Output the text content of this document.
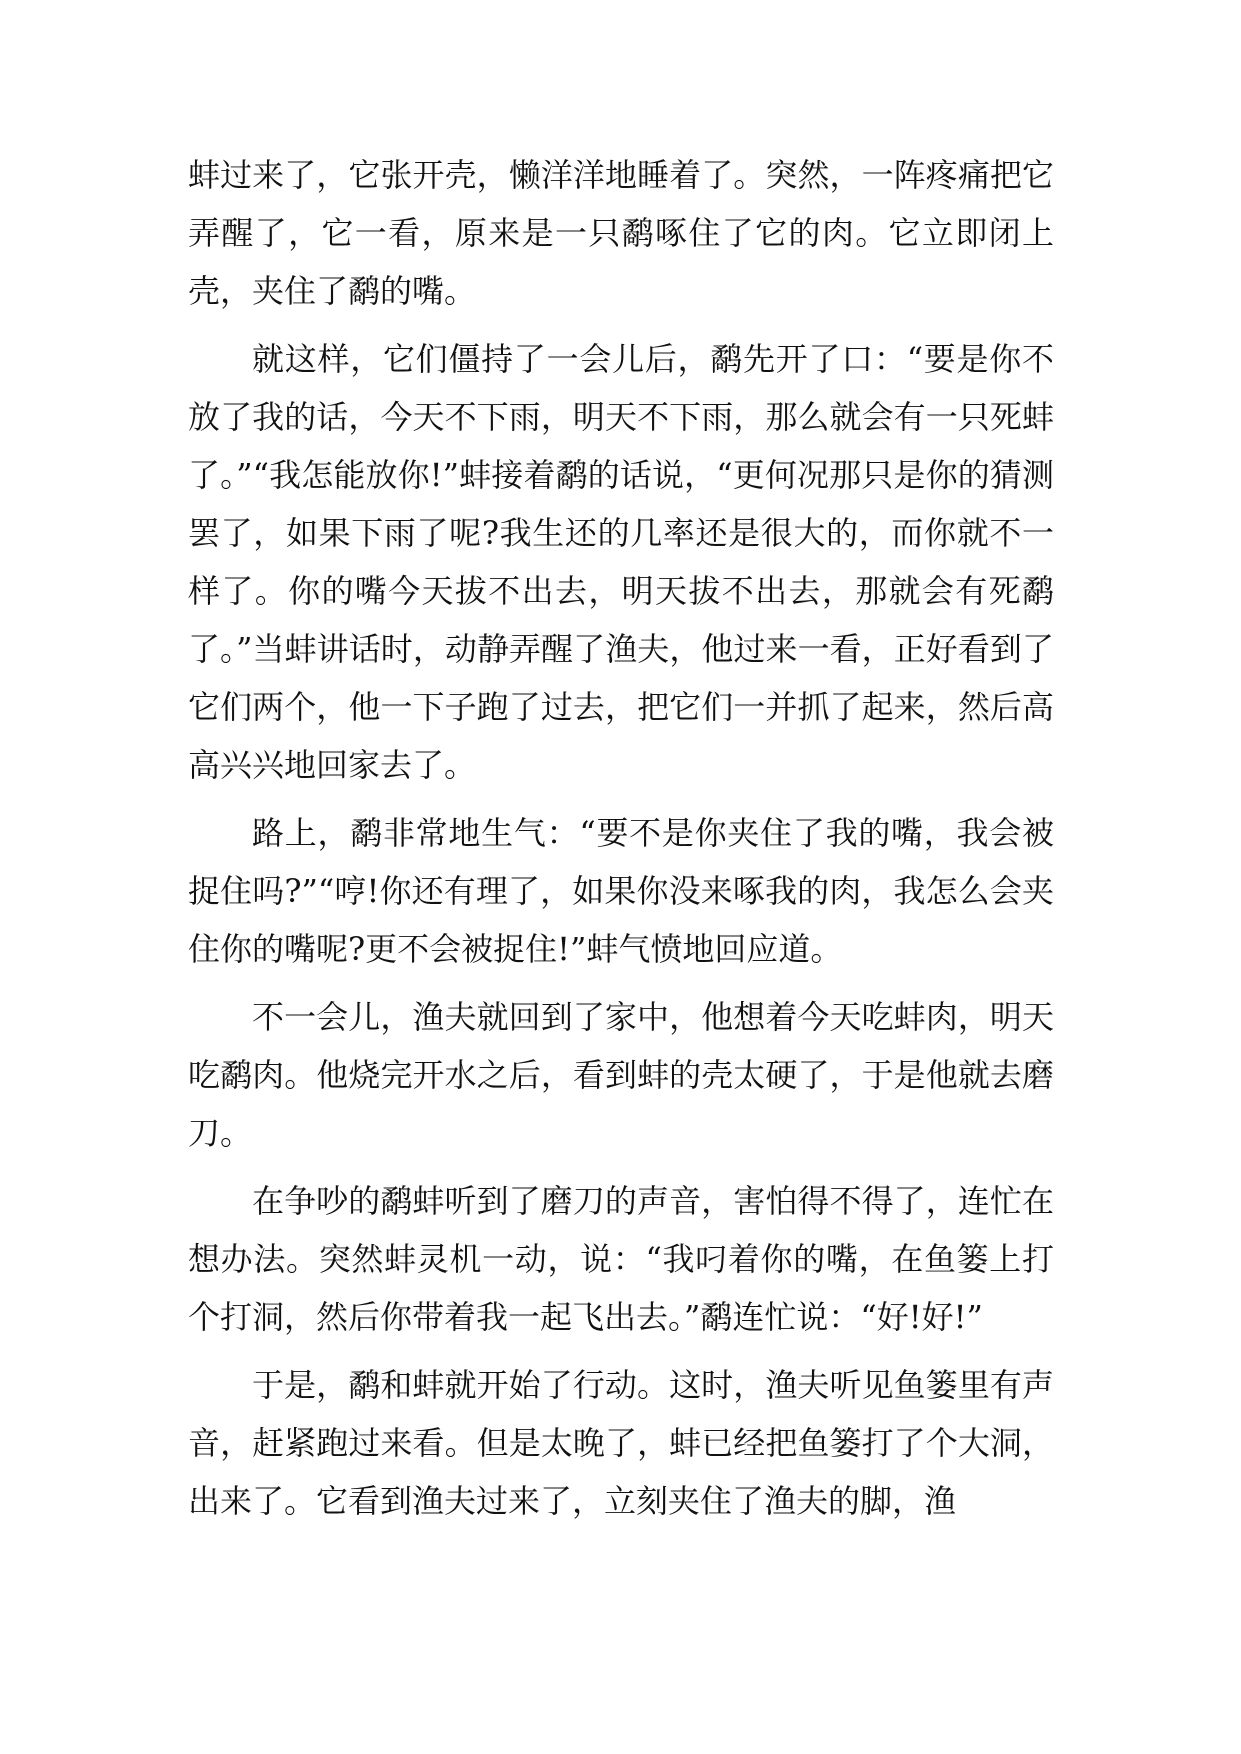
蚌过来了，它张开壳，懒洋洋地睡着了。突然，一阵疼痛把它弄醒了，它一看，原来是一只鹬啄住了它的肉。它立即闭上壳，夹住了鹬的嘴。

就这样，它们僵持了一会儿后，鹬先开了口：“要是你不放了我的话，今天不下雨，明天不下雨，那么就会有一只死蚌了。”“我怎能放你!”蚌接着鹬的话说，“更何况那只是你的猜测罢了，如果下雨了呢?我生还的几率还是很大的，而你就不一样了。你的嘴今天拔不出去，明天拔不出去，那就会有死鹬了。”当蚌讲话时，动静弄醒了渔夫，他过来一看，正好看到了它们两个，他一下子跑了过去，把它们一并抓了起来，然后高高兴兴地回家去了。

路上，鹬非常地生气：“要不是你夹住了我的嘴，我会被捉住吗?”“哼!你还有理了，如果你没来啄我的肉，我怎么会夹住你的嘴呢?更不会被捉住!”蚌气愤地回应道。

不一会儿，渔夫就回到了家中，他想着今天吃蚌肉，明天吃鹬肉。他烧完开水之后，看到蚌的壳太硬了，于是他就去磨刀。

在争吵的鹬蚌听到了磨刀的声音，害怕得不得了，连忙在想办法。突然蚌灵机一动，说：“我叼着你的嘴，在鱼篓上打个打洞，然后你带着我一起飞出去。”鹬连忙说：“好!好!”

于是，鹬和蚌就开始了行动。这时，渔夫听见鱼篓里有声音，赶紧跑过来看。但是太晚了，蚌已经把鱼篓打了个大洞，出来了。它看到渔夫过来了，立刻夹住了渔夫的脚，渔
